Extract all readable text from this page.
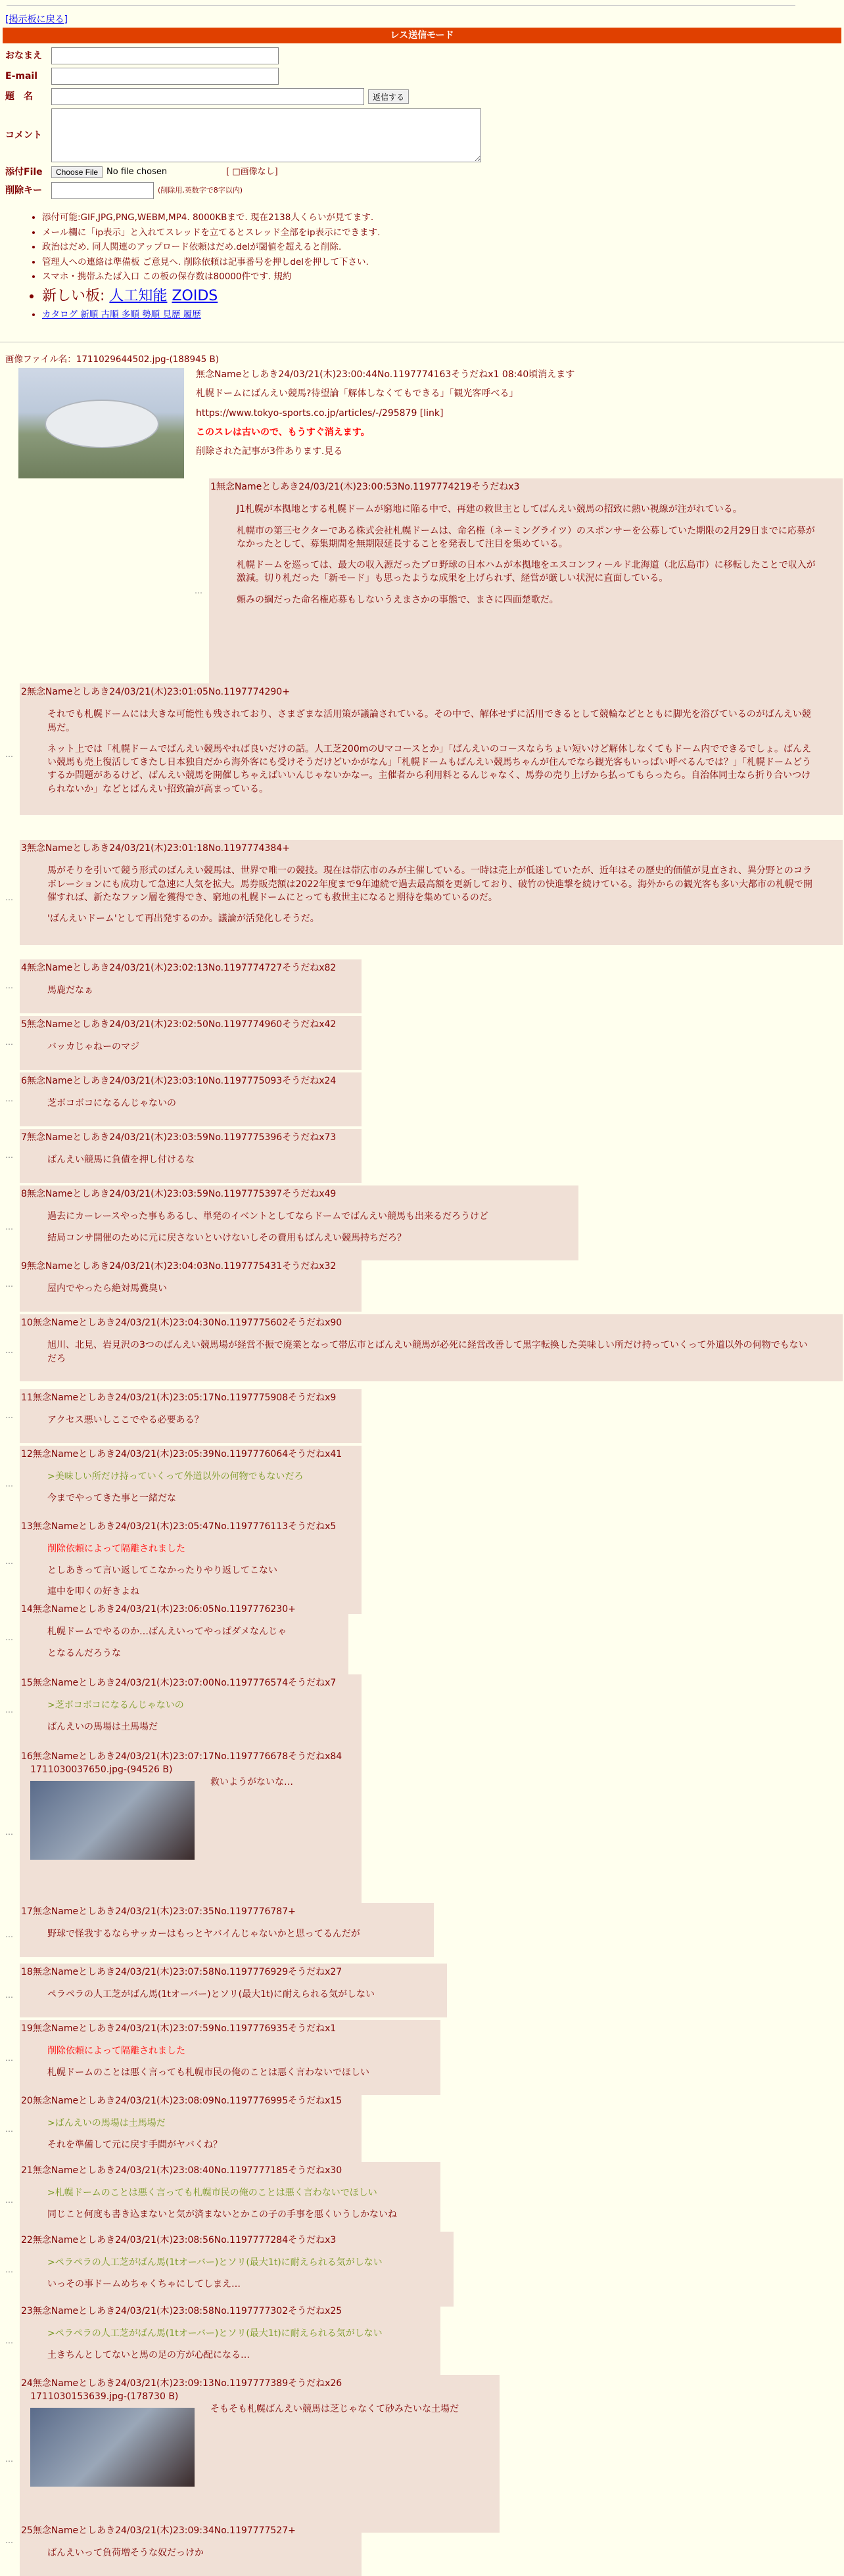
[掲示板に戻る]
レス送信モード
おなまえ
E-mail
題　名	返信する
コメント
添付File	Choose File	No file chosen	[ □画像なし]
削除キー	(削除用,英数字で8字以内)
• 添付可能:GIF,JPG,PNG,WEBM,MP4. 8000KBまで. 現在2138人くらいが見てます.
• メール欄に「ip表示」と入れてスレッドを立てるとスレッド全部をip表示にできます.
• 政治はだめ. 同人関連のアップロード依頼はだめ.delが閾値を超えると削除.
• 管理人への連絡は準備板 ご意見へ. 削除依頼は記事番号を押しdelを押して下さい.
• スマホ・携帯ふたば入口 この板の保存数は80000件です. 規約
• 新しい板: 人工知能 ZOIDS
• カタログ 新順 古順 多順 勢順 見歴 履歴
画像ファイル名：1711029644502.jpg-(188945 B)

無念Nameとしあき24/03/21(木)23:00:44No.1197774163そうだねx1 08:40頃消えます

札幌ドームにばんえい競馬?待望論「解体しなくてもできる」「観光客呼べる」

https://www.tokyo-sports.co.jp/articles/-/295879 [link]

このスレは古いので、もうすぐ消えます。

削除された記事が3件あります.見る

1無念Nameとしあき24/03/21(木)23:00:53No.1197774219そうだねx3

J1札幌が本拠地とする札幌ドームが窮地に陥る中で、再建の救世主としてばんえい競馬の招致に熱い視線が注がれている。

札幌市の第三セクターである株式会社札幌ドームは、命名権（ネーミングライツ）のスポンサーを公募していた期限の2月29日までに応募がなかったとして、募集期間を無期限延長することを発表して注目を集めている。

札幌ドームを巡っては、最大の収入源だったプロ野球の日本ハムが本拠地をエスコンフィールド北海道（北広島市）に移転したことで収入が激減。切り札だった「新モード」も思ったような成果を上げられず、経営が厳しい状況に直面している。

頼みの綱だった命名権応募もしないうえまさかの事態で、まさに四面楚歌だ。

…
2無念Nameとしあき24/03/21(木)23:01:05No.1197774290+

それでも札幌ドームには大きな可能性も残されており、さまざまな活用策が議論されている。その中で、解体せずに活用できるとして競輪などとともに脚光を浴びているのがばんえい競馬だ。

ネット上では「札幌ドームでばんえい競馬やれば良いだけの話。人工芝200mのUマコースとか」「ばんえいのコースならちょい短いけど解体しなくてもドーム内でできるでしょ。ばんえい競馬も売上復活してきたし日本独自だから海外客にも受けそうだけどいかがなん」「札幌ドームもばんえい競馬ちゃんが住んでなら観光客もいっぱい呼べるんでは？」「札幌ドームどうするか問題があるけど、ばんえい競馬を開催しちゃえばいいんじゃないかなー。主催者から利用料とるんじゃなく、馬券の売り上げから払ってもらったら。自治体同士なら折り合いつけられないか」などとばんえい招致論が高まっている。

…
3無念Nameとしあき24/03/21(木)23:01:18No.1197774384+

馬がそりを引いて競う形式のばんえい競馬は、世界で唯一の競技。現在は帯広市のみが主催している。一時は売上が低迷していたが、近年はその歴史的価値が見直され、異分野とのコラボレーションにも成功して急速に人気を拡大。馬券販売額は2022年度まで9年連続で過去最高額を更新しており、破竹の快進撃を続けている。海外からの観光客も多い大都市の札幌で開催すれば、新たなファン層を獲得でき、窮地の札幌ドームにとっても救世主になると期待を集めているのだ。

'ばんえいドーム'として再出発するのか。議論が活発化しそうだ。

…
4無念Nameとしあき24/03/21(木)23:02:13No.1197774727そうだねx82

馬鹿だなぁ

…
5無念Nameとしあき24/03/21(木)23:02:50No.1197774960そうだねx42

バッカじゃねーのマジ

…
6無念Nameとしあき24/03/21(木)23:03:10No.1197775093そうだねx24

芝ボコボコになるんじゃないの

…
7無念Nameとしあき24/03/21(木)23:03:59No.1197775396そうだねx73

ばんえい競馬に負債を押し付けるな

…
8無念Nameとしあき24/03/21(木)23:03:59No.1197775397そうだねx49

過去にカーレースやった事もあるし、単発のイベントとしてならドームでばんえい競馬も出来るだろうけど

結局コンサ開催のために元に戻さないといけないしその費用もばんえい競馬持ちだろ？

…
9無念Nameとしあき24/03/21(木)23:04:03No.1197775431そうだねx32

屋内でやったら絶対馬糞臭い

…
10無念Nameとしあき24/03/21(木)23:04:30No.1197775602そうだねx90

旭川、北見、岩見沢の3つのばんえい競馬場が経営不振で廃業となって帯広市とばんえい競馬が必死に経営改善して黒字転換した美味しい所だけ持っていくって外道以外の何物でもないだろ

…
11無念Nameとしあき24/03/21(木)23:05:17No.1197775908そうだねx9

アクセス悪いしここでやる必要ある？

…
12無念Nameとしあき24/03/21(木)23:05:39No.1197776064そうだねx41

>美味しい所だけ持っていくって外道以外の何物でもないだろ

今までやってきた事と一緒だな

…
13無念Nameとしあき24/03/21(木)23:05:47No.1197776113そうだねx5

削除依頼によって隔離されました

としあきって言い返してこなかったりやり返してこない

連中を叩くの好きよね

…
14無念Nameとしあき24/03/21(木)23:06:05No.1197776230+

札幌ドームでやるのか…ばんえいってやっぱダメなんじゃ

となるんだろうな

…
15無念Nameとしあき24/03/21(木)23:07:00No.1197776574そうだねx7

>芝ボコボコになるんじゃないの

ばんえいの馬場は土馬場だ

…
16無念Nameとしあき24/03/21(木)23:07:17No.1197776678そうだねx84
1711030037650.jpg-(94526 B)

救いようがないな…

…
17無念Nameとしあき24/03/21(木)23:07:35No.1197776787+

野球で怪我するならサッカーはもっとヤバイんじゃないかと思ってるんだが

…
18無念Nameとしあき24/03/21(木)23:07:58No.1197776929そうだねx27

ペラペラの人工芝がばん馬(1tオーバー)とソリ(最大1t)に耐えられる気がしない

…
19無念Nameとしあき24/03/21(木)23:07:59No.1197776935そうだねx1

削除依頼によって隔離されました

札幌ドームのことは悪く言っても札幌市民の俺のことは悪く言わないでほしい

…
20無念Nameとしあき24/03/21(木)23:08:09No.1197776995そうだねx15

>ばんえいの馬場は土馬場だ

それを準備して元に戻す手間がヤバくね？

…
21無念Nameとしあき24/03/21(木)23:08:40No.1197777185そうだねx30

>札幌ドームのことは悪く言っても札幌市民の俺のことは悪く言わないでほしい

同じこと何度も書き込まないと気が済まないとかこの子の手事を悪くいうしかないね

…
22無念Nameとしあき24/03/21(木)23:08:56No.1197777284そうだねx3

>ペラペラの人工芝がばん馬(1tオーバー)とソリ(最大1t)に耐えられる気がしない

いっその事ドームめちゃくちゃにしてしまえ…

…
23無念Nameとしあき24/03/21(木)23:08:58No.1197777302そうだねx25

>ペラペラの人工芝がばん馬(1tオーバー)とソリ(最大1t)に耐えられる気がしない

土きちんとしてないと馬の足の方が心配になる…

…
24無念Nameとしあき24/03/21(木)23:09:13No.1197777389そうだねx26
1711030153639.jpg-(178730 B)

そもそも札幌ばんえい競馬は芝じゃなくて砂みたいな土場だ

…
25無念Nameとしあき24/03/21(木)23:09:34No.1197777527+

ばんえいって負荷増そうな奴だっけか

…
